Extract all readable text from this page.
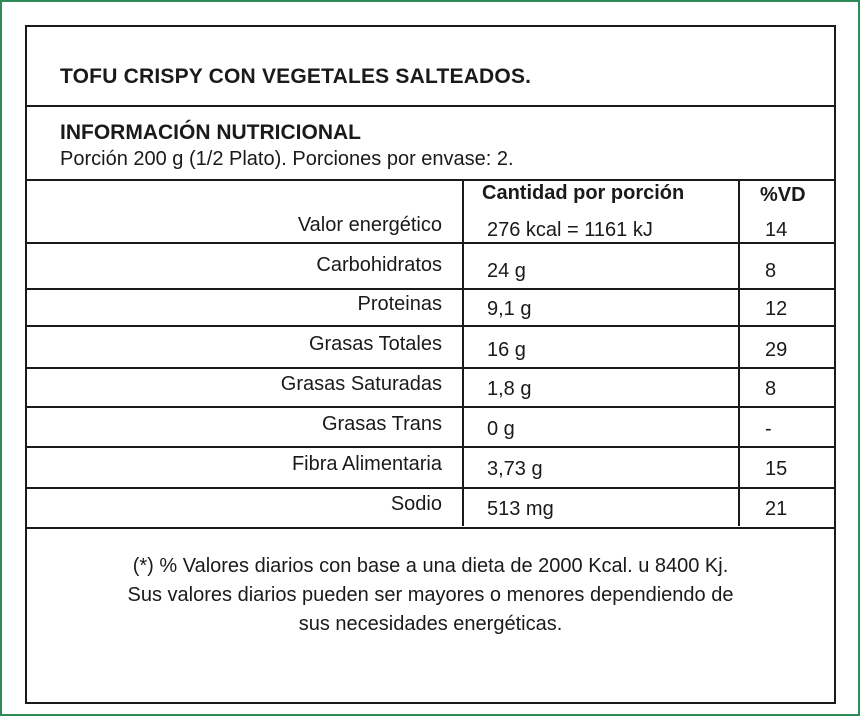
TOFU CRISPY CON VEGETALES SALTEADOS.
INFORMACIÓN NUTRICIONAL
Porción 200 g (1/2 Plato). Porciones por envase: 2.
Cantidad por porción	%VD
Valor energético 276 kcal = 1161 kJ	14
Carbohidratos 24 g	8
Proteinas 9,1 g	12
Grasas Totales 16 g	29
Grasas Saturadas 1,8 g	8
Grasas Trans 0 g	-
Fibra Alimentaria 3,73 g	15
Sodio 513 mg	21
(*) % Valores diarios con base a una dieta de 2000 Kcal. u 8400 Kj.
Sus valores diarios pueden ser mayores o menores dependiendo de
sus necesidades energéticas.
